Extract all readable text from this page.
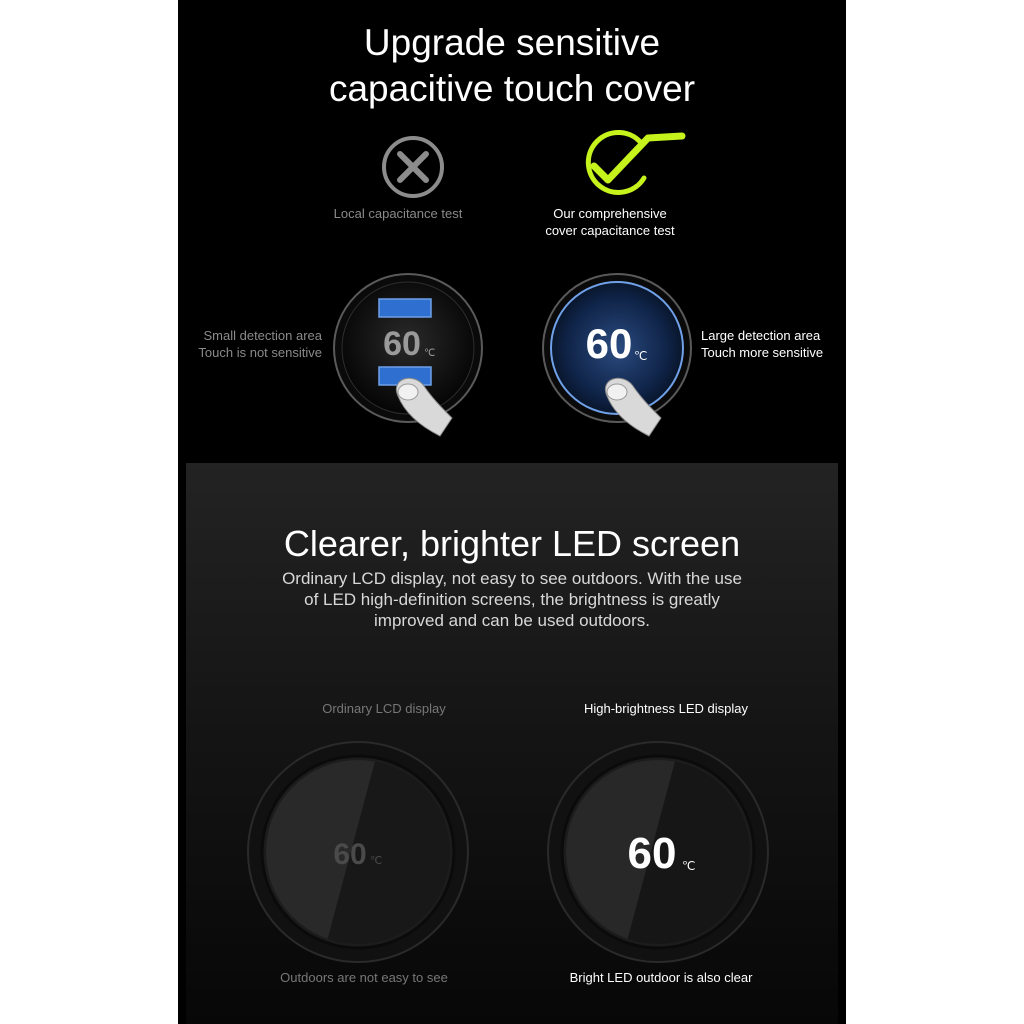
Upgrade sensitive
capacitive touch cover
Local capacitance test	Our comprehensive
cover capacitance test
Small detection area
Touch is not sensitive
Large detection area
Touch more sensitive
60 ℃	60 ℃
Clearer, brighter LED screen
Ordinary LCD display, not easy to see outdoors. With the use
of LED high-definition screens, the brightness is greatly
improved and can be used outdoors.
Ordinary LCD display	High-brightness LED display
60 ℃	60 ℃
Outdoors are not easy to see	Bright LED outdoor is also clear
